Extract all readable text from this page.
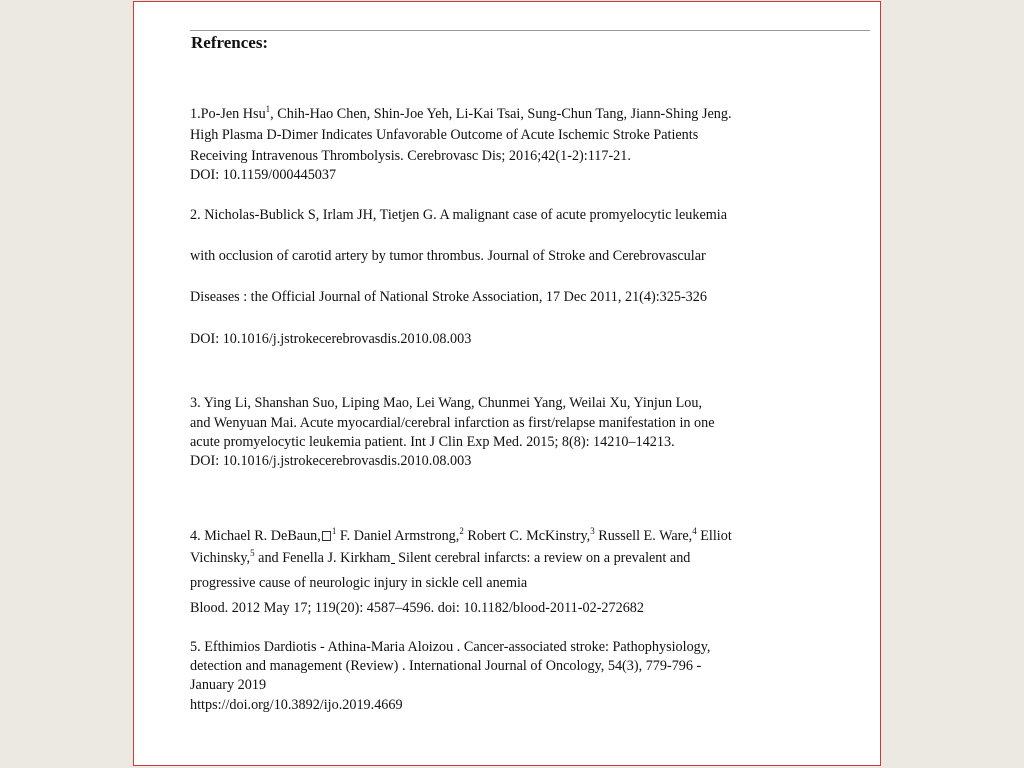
Refrences:

1.Po-Jen Hsu$^1$, Chih-Hao Chen, Shin-Joe Yeh, Li-Kai Tsai, Sung-Chun Tang, Jiann-Shing Jeng.

High Plasma D-Dimer Indicates Unfavorable Outcome of Acute Ischemic Stroke Patients

Receiving Intravenous Thrombolysis. Cerebrovasc Dis; 2016;42(1-2):117-21.

DOI: 10.1159/000445037

2. Nicholas-Bublick S, Irlam JH, Tietjen G. A malignant case of acute promyelocytic leukemia

with occlusion of carotid artery by tumor thrombus. Journal of Stroke and Cerebrovascular

Diseases : the Official Journal of National Stroke Association, 17 Dec 2011, 21(4):325-326

DOI: 10.1016/j.jstrokecerebrovasdis.2010.08.003

3. Ying Li, Shanshan Suo, Liping Mao, Lei Wang, Chunmei Yang, Weilai Xu, Yinjun Lou,

and Wenyuan Mai. Acute myocardial/cerebral infarction as first/relapse manifestation in one

acute promyelocytic leukemia patient. Int J Clin Exp Med. 2015; 8(8): 14210–14213.

DOI: 10.1016/j.jstrokecerebrovasdis.2010.08.003

4. Michael R. DeBaun, $^1$ F. Daniel Armstrong,$^2$ Robert C. McKinstry,$^3$ Russell E. Ware,$^4$ Elliot

Vichinsky,$^5$ and Fenella J. Kirkham Silent cerebral infarcts: a review on a prevalent and

progressive cause of neurologic injury in sickle cell anemia

Blood. 2012 May 17; 119(20): 4587–4596. doi: 10.1182/blood-2011-02-272682

5. Efthimios Dardiotis - Athina-Maria Aloizou . Cancer-associated stroke: Pathophysiology,

detection and management (Review) . International Journal of Oncology, 54(3), 779-796 -

January 2019

https://doi.org/10.3892/ijo.2019.4669
